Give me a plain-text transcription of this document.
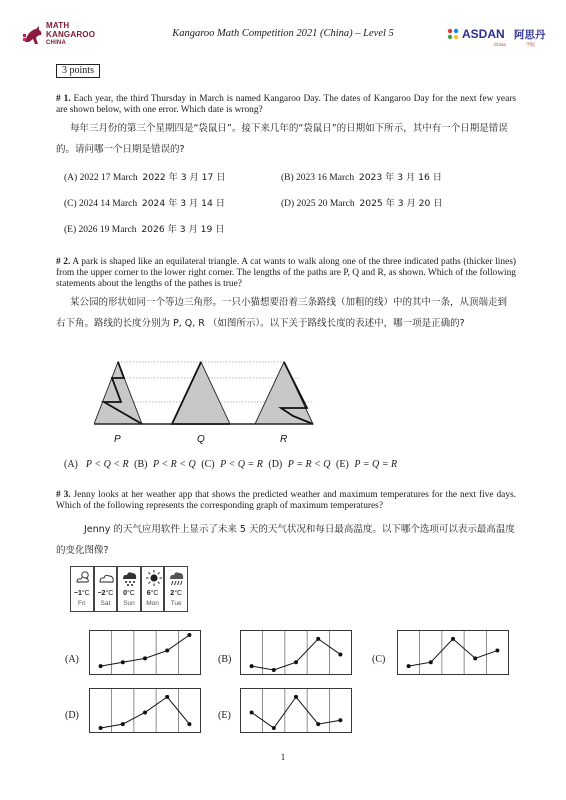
MATH
KANGAROO
CHINA
Kangaroo Math Competition 2021 (China) – Level 5	ASDAN 阿思丹
China	学院
3 points
# 1. Each year, the third Thursday in March is named Kangaroo Day. The dates of Kangaroo Day for the next few years are shown below, with one error. Which date is wrong?
每年三月份的第三个星期四是“袋鼠日”。接下来几年的“袋鼠日”的日期如下所示，其中有一个日期是错误的。请问哪一个日期是错误的?
(A) 2022 17 March 2022 年 3 月 17 日	(B) 2023 16 March 2023 年 3 月 16 日
(C) 2024 14 March 2024 年 3 月 14 日	(D) 2025 20 March 2025 年 3 月 20 日
(E) 2026 19 March 2026 年 3 月 19 日
# 2. A park is shaped like an equilateral triangle. A cat wants to walk along one of the three indicated paths (thicker lines) from the upper corner to the lower right corner. The lengths of the paths are P, Q and R, as shown. Which of the following statements about the lengths of the pathes is true?
某公园的形状如同一个等边三角形。一只小猫想要沿着三条路线（加粗的线）中的其中一条，从顶端走到右下角。路线的长度分别为 P, Q, R （如图所示）。以下关于路线长度的表述中，哪一项是正确的?
P	Q	R
(A) P < Q < R (B) P < R < Q (C) P < Q = R (D) P = R < Q (E) P = Q = R
# 3. Jenny looks at her weather app that shows the predicted weather and maximum temperatures for the next five days. Which of the following represents the corresponding graph of maximum temperatures?
Jenny 的天气应用软件上显示了未来 5 天的天气状况和每日最高温度。以下哪个选项可以表示最高温度的变化图像?
−1°C
Fri
−2°C
Sat
0°C
Sun
6°C
Mon
2°C
Tue
(A)	(B)	(C)
(D)	(E)
1
